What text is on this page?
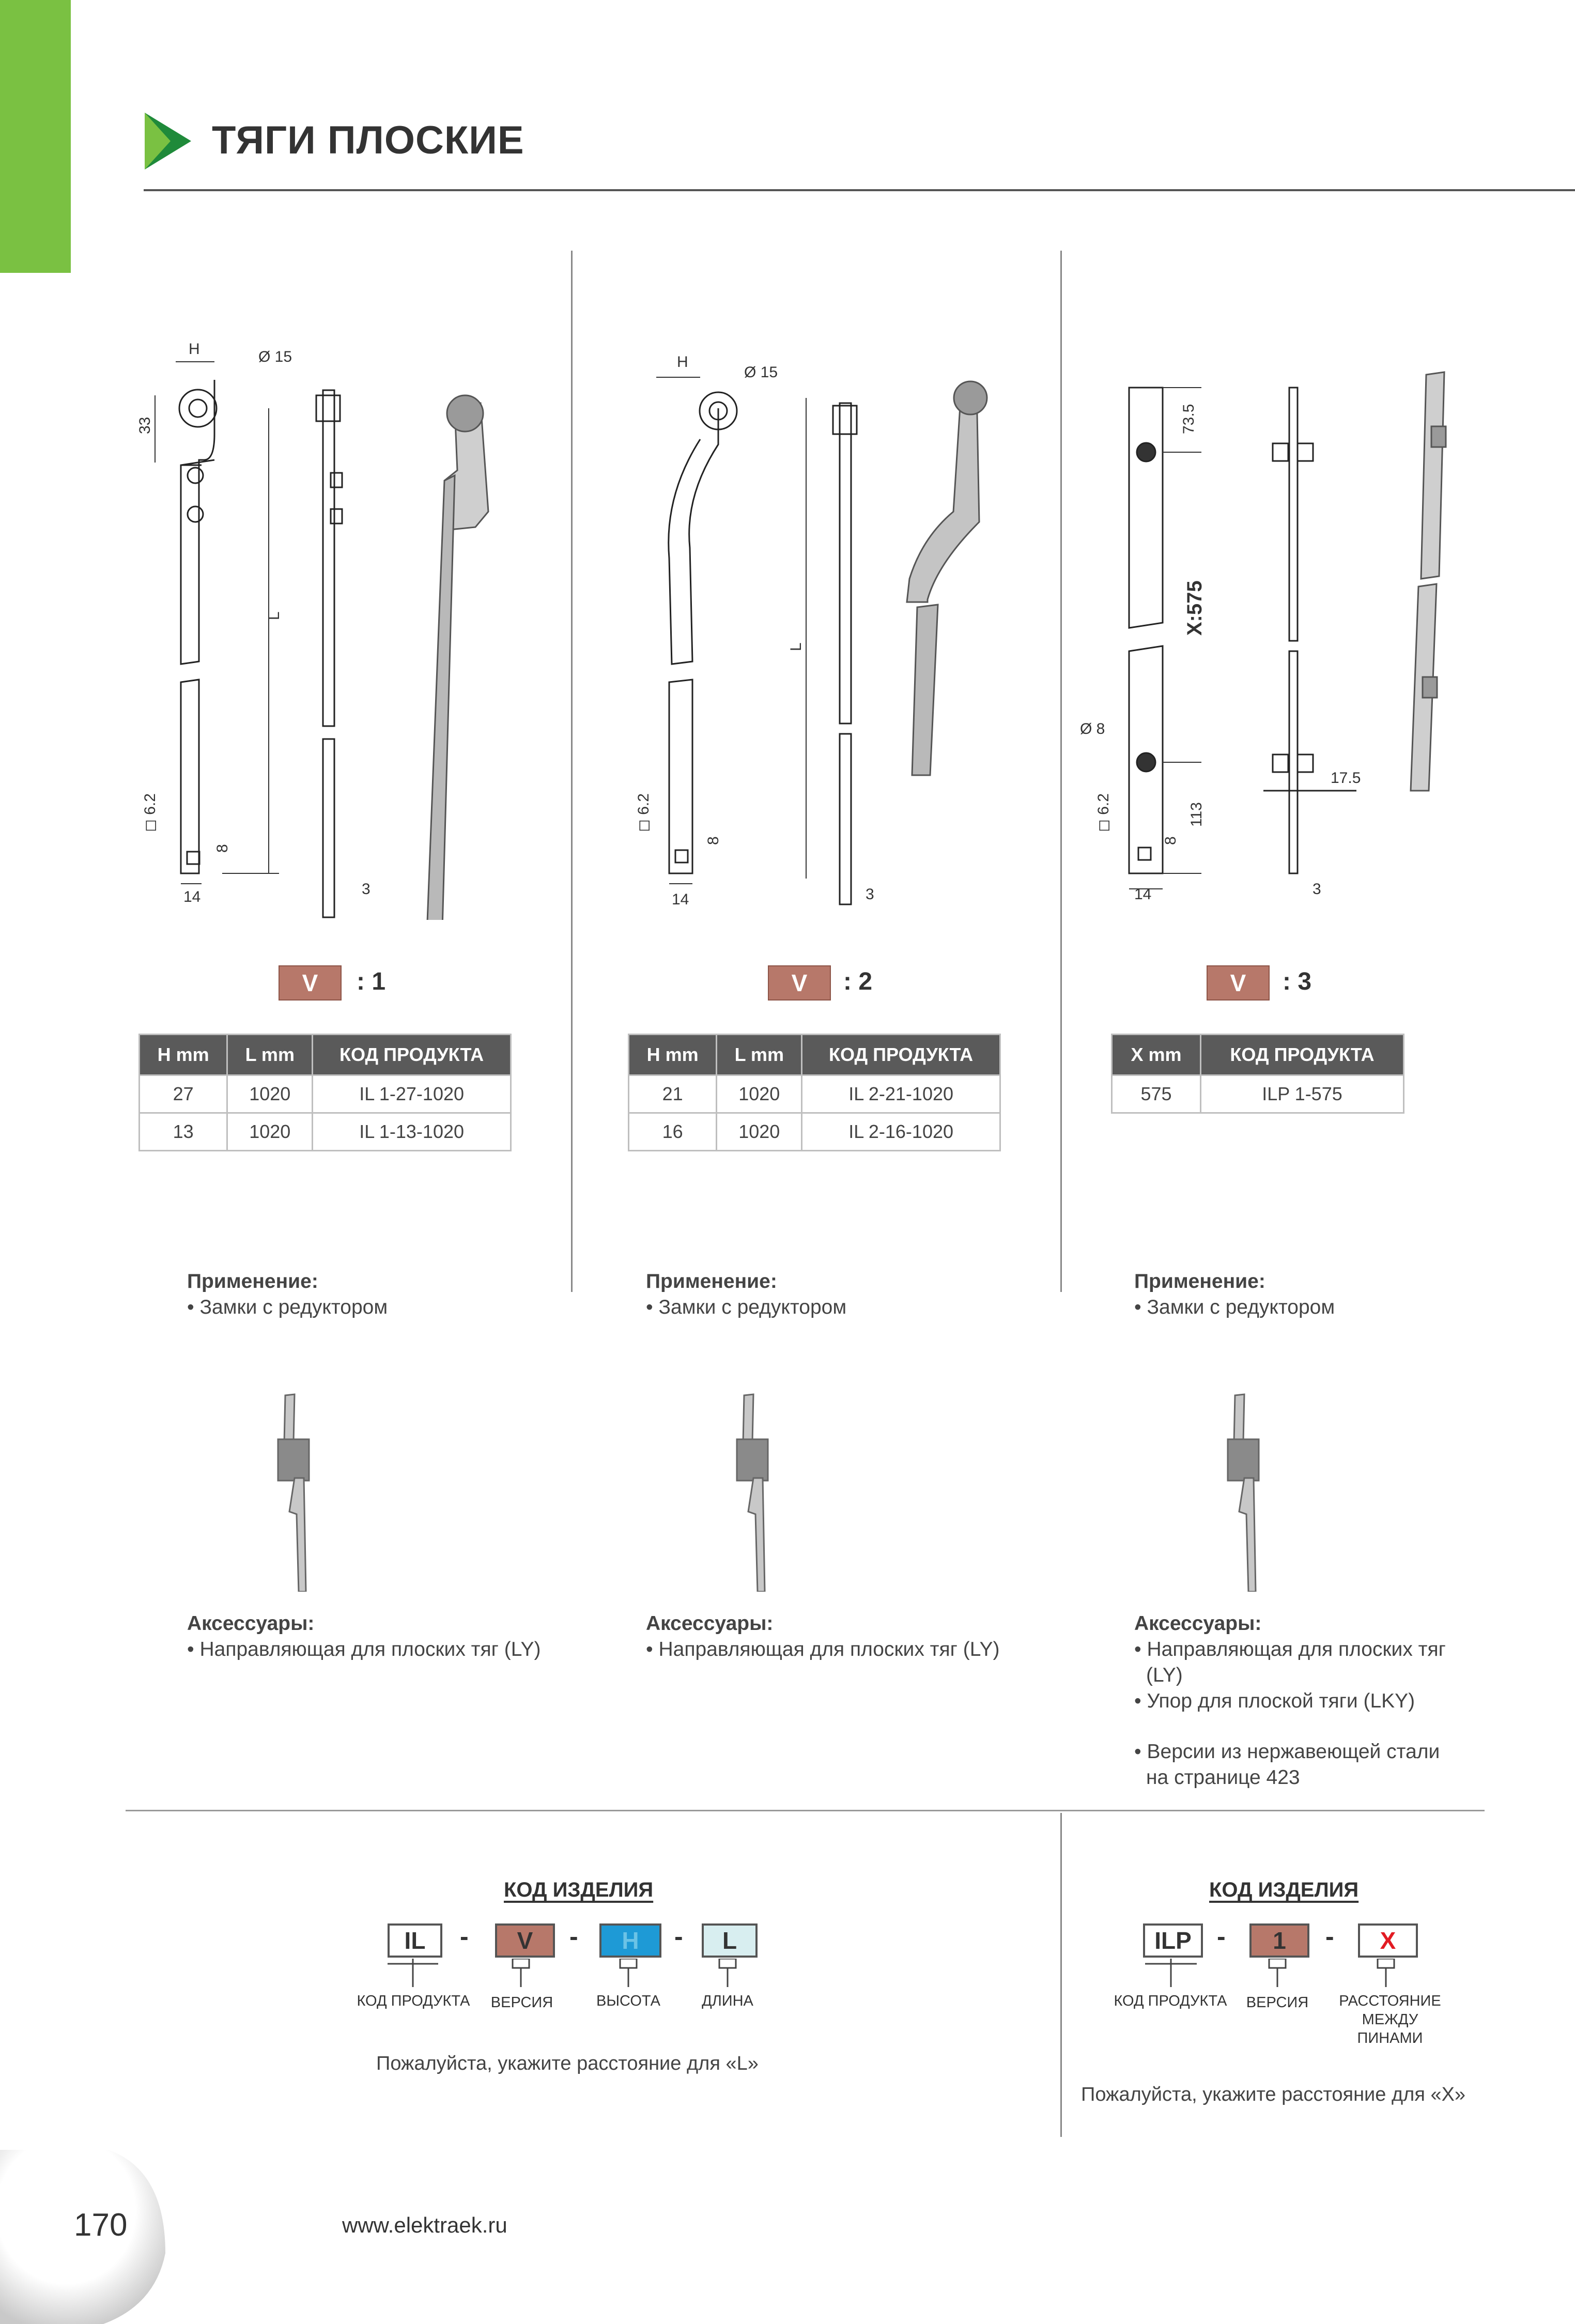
ТЯГИ ПЛОСКИЕ
H	Ø 15
33
L
◻ 6.2
8
14	3
H
Ø 15
L
◻ 6.2
8
14	3
73.5
X:575
Ø 8
◻ 6.2
8
113
14
17.5
3
V	: 1	V	: 2	V	: 3
H mm	L mm	КОД ПРОДУКТА
27	1020	IL 1-27-1020
13	1020	IL 1-13-1020
H mm	L mm	КОД ПРОДУКТА
21	1020	IL 2-21-1020
16	1020	IL 2-16-1020
X mm	КОД ПРОДУКТА
575	ILP 1-575
Применение:
• Замки с редуктором
Применение:
• Замки с редуктором
Применение:
• Замки с редуктором
Аксессуары:
• Направляющая для плоских тяг (LY)
Аксессуары:
• Направляющая для плоских тяг (LY)
Аксессуары:
• Направляющая для плоских тяг
(LY)
• Упор для плоской тяги (LKY)
• Версии из нержавеющей стали
на странице 423
КОД ИЗДЕЛИЯ
IL	-	V	-	H	-	L
КОД ПРОДУКТА	ВЕРСИЯ	ВЫСОТА	ДЛИНА
Пожалуйста, укажите расстояние для «L»
КОД ИЗДЕЛИЯ
ILP -	1	-	X
КОД ПРОДУКТА	ВЕРСИЯ	РАССТОЯНИЕ
МЕЖДУ
ПИНАМИ
Пожалуйста, укажите расстояние для «X»
170	www.elektraek.ru
